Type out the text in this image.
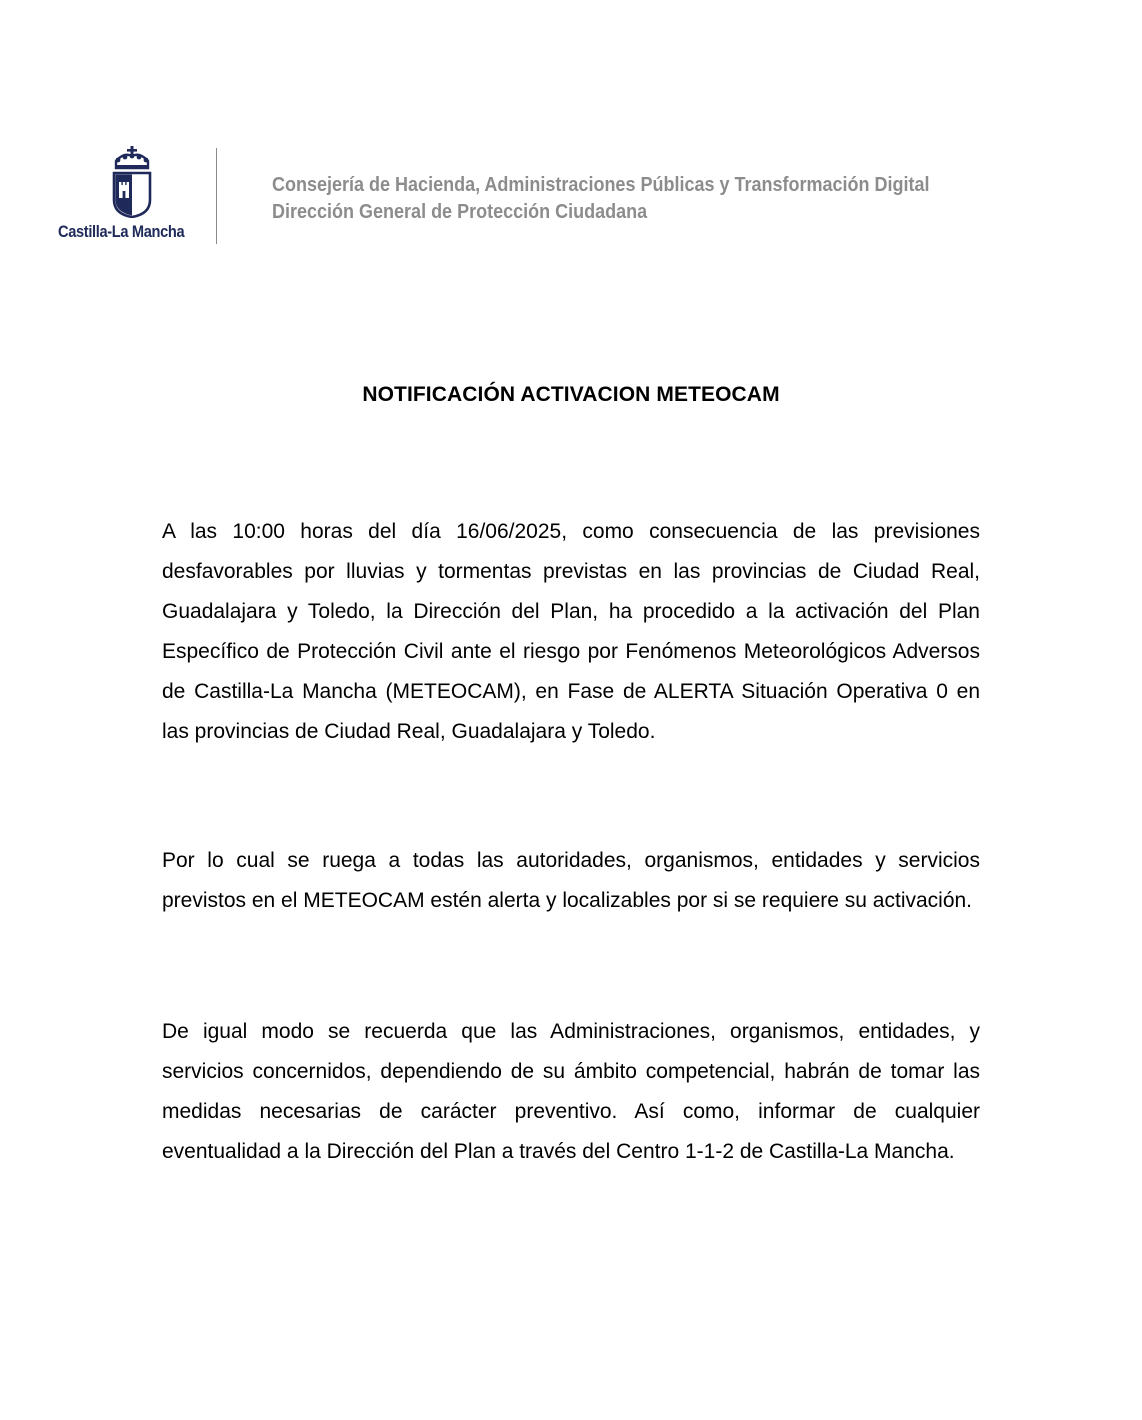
Castilla-La Mancha
Consejería de Hacienda, Administraciones Públicas y Transformación Digital
Dirección General de Protección Ciudadana
NOTIFICACIÓN ACTIVACION METEOCAM

A las 10:00 horas del día 16/06/2025, como consecuencia de las previsiones desfavorables por lluvias y tormentas previstas en las provincias de Ciudad Real, Guadalajara y Toledo, la Dirección del Plan, ha procedido a la activación del Plan Específico de Protección Civil ante el riesgo por Fenómenos Meteorológicos Adversos de Castilla-La Mancha (METEOCAM), en Fase de ALERTA Situación Operativa 0 en las provincias de Ciudad Real, Guadalajara y Toledo.

Por lo cual se ruega a todas las autoridades, organismos, entidades y servicios previstos en el METEOCAM estén alerta y localizables por si se requiere su activación.

De igual modo se recuerda que las Administraciones, organismos, entidades, y servicios concernidos, dependiendo de su ámbito competencial, habrán de tomar las medidas necesarias de carácter preventivo. Así como, informar de cualquier eventualidad a la Dirección del Plan a través del Centro 1-1-2 de Castilla-La Mancha.
